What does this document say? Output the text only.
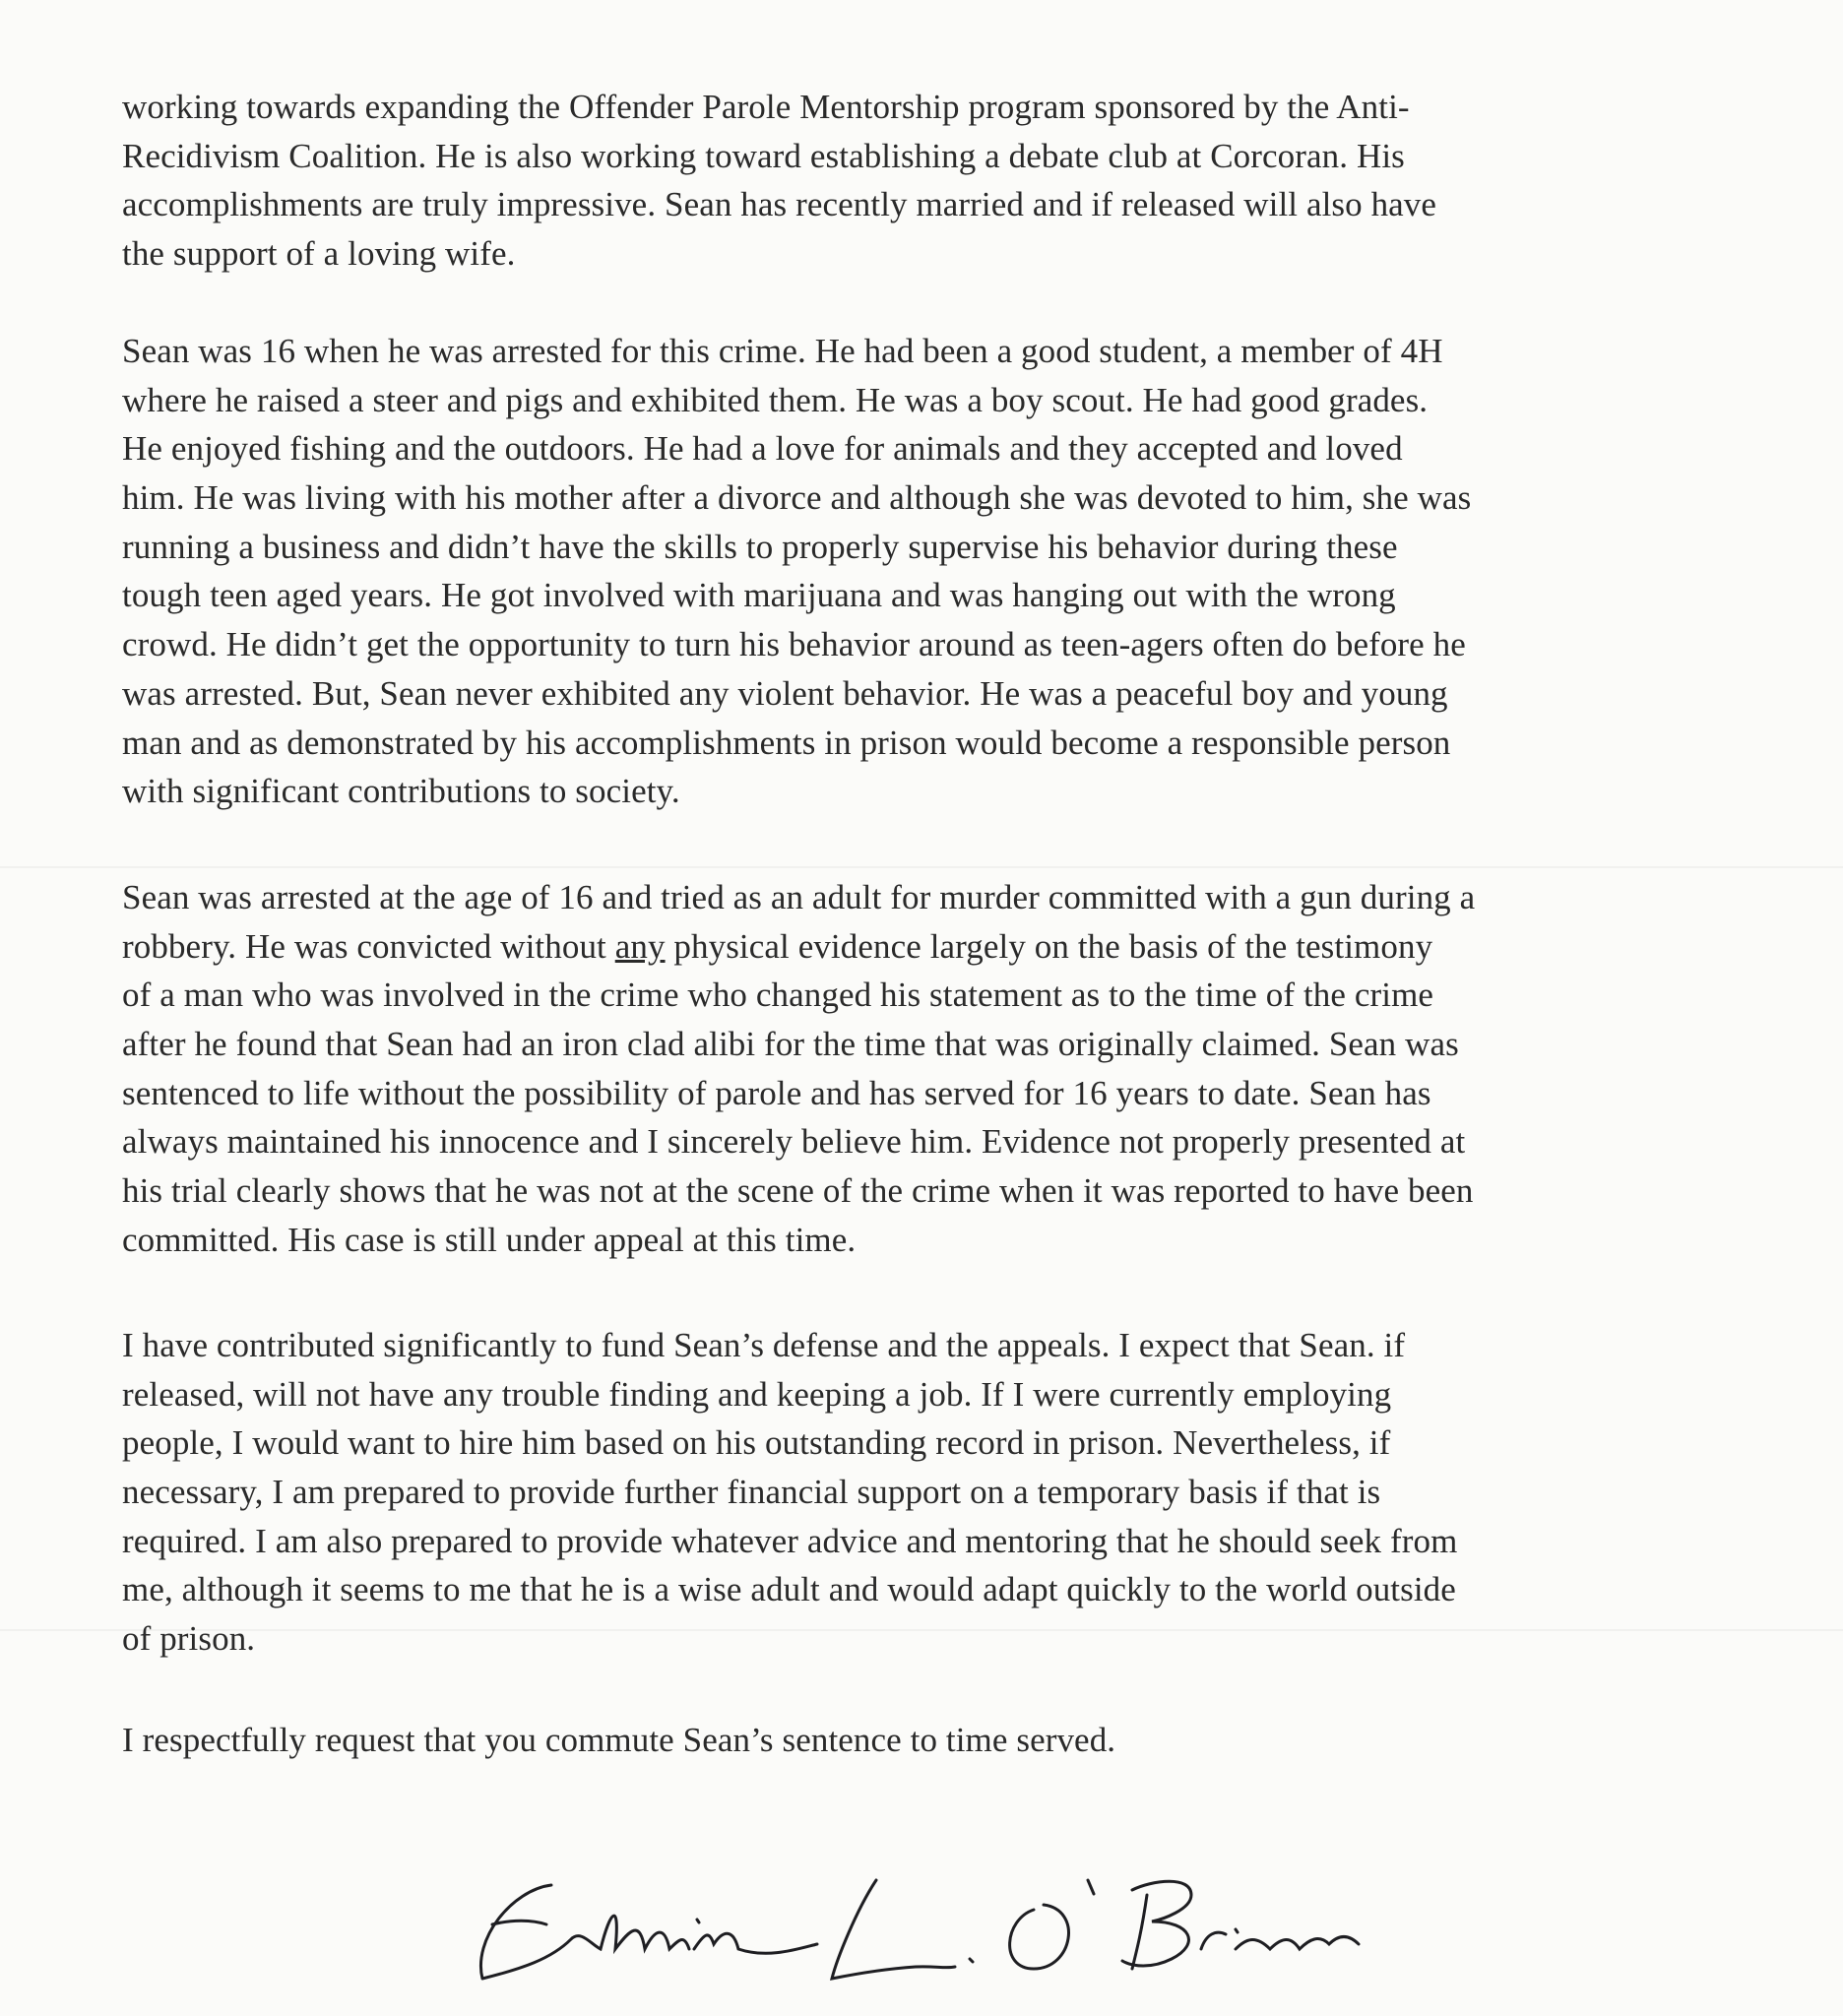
working towards expanding the Offender Parole Mentorship program sponsored by the Anti-
Recidivism Coalition. He is also working toward establishing a debate club at Corcoran. His
accomplishments are truly impressive. Sean has recently married and if released will also have
the support of a loving wife.
Sean was 16 when he was arrested for this crime. He had been a good student, a member of 4H
where he raised a steer and pigs and exhibited them. He was a boy scout. He had good grades.
He enjoyed fishing and the outdoors. He had a love for animals and they accepted and loved
him. He was living with his mother after a divorce and although she was devoted to him, she was
running a business and didn’t have the skills to properly supervise his behavior during these
tough teen aged years. He got involved with marijuana and was hanging out with the wrong
crowd. He didn’t get the opportunity to turn his behavior around as teen-agers often do before he
was arrested. But, Sean never exhibited any violent behavior. He was a peaceful boy and young
man and as demonstrated by his accomplishments in prison would become a responsible person
with significant contributions to society.
Sean was arrested at the age of 16 and tried as an adult for murder committed with a gun during a
robbery. He was convicted without any physical evidence largely on the basis of the testimony
of a man who was involved in the crime who changed his statement as to the time of the crime
after he found that Sean had an iron clad alibi for the time that was originally claimed. Sean was
sentenced to life without the possibility of parole and has served for 16 years to date. Sean has
always maintained his innocence and I sincerely believe him. Evidence not properly presented at
his trial clearly shows that he was not at the scene of the crime when it was reported to have been
committed. His case is still under appeal at this time.
I have contributed significantly to fund Sean’s defense and the appeals. I expect that Sean. if
released, will not have any trouble finding and keeping a job. If I were currently employing
people, I would want to hire him based on his outstanding record in prison. Nevertheless, if
necessary, I am prepared to provide further financial support on a temporary basis if that is
required. I am also prepared to provide whatever advice and mentoring that he should seek from
me, although it seems to me that he is a wise adult and would adapt quickly to the world outside
of prison.
I respectfully request that you commute Sean’s sentence to time served.
